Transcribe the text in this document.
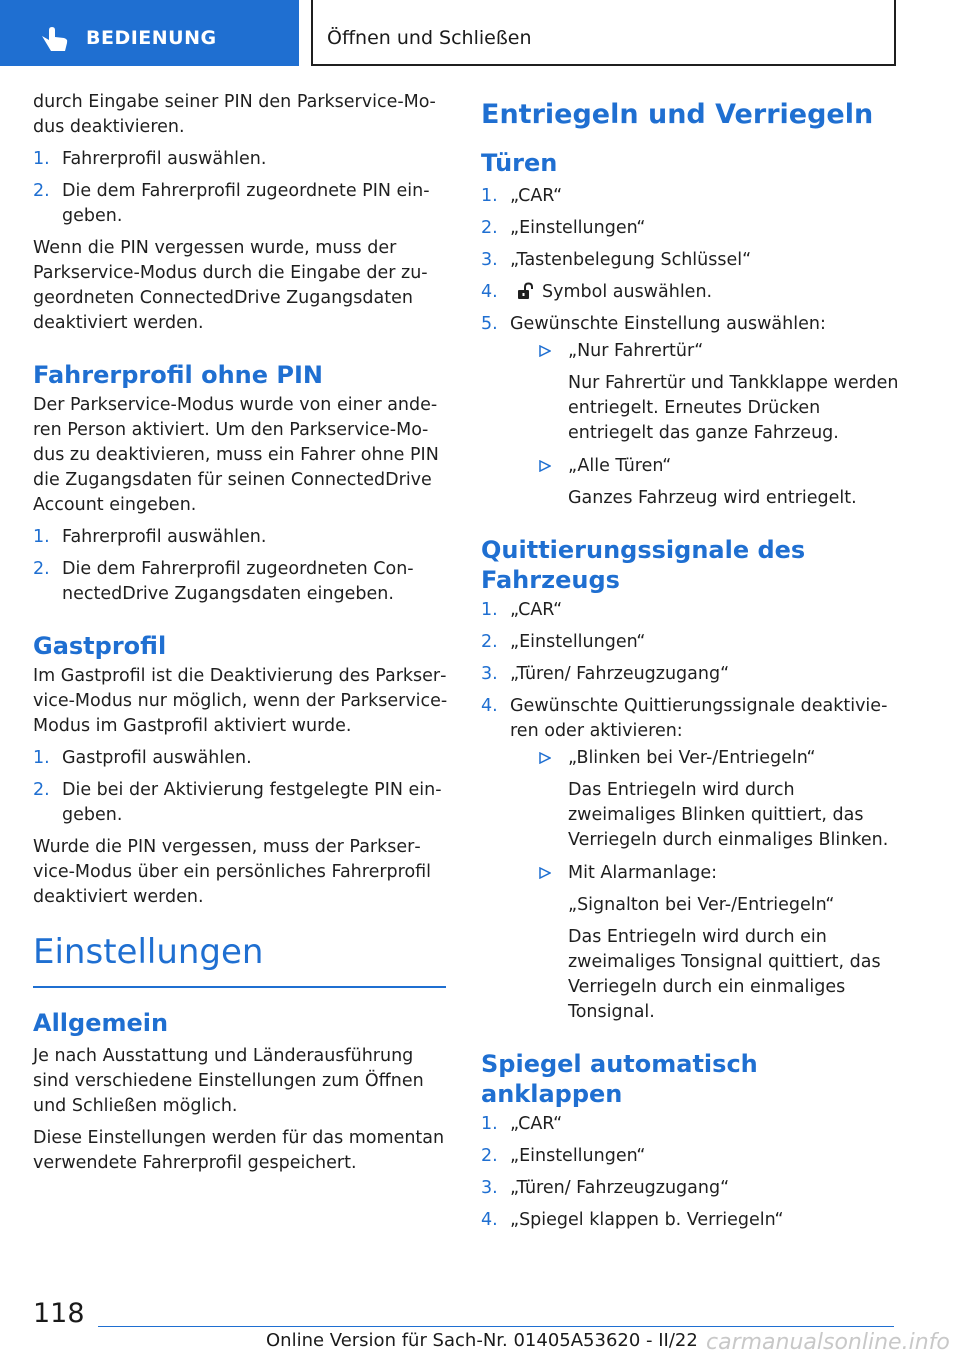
BEDIENUNG	Öffnen und Schließen

durch Eingabe seiner PIN den Parkservice-Modus deaktivieren.

1. Fahrerprofil auswählen.
2. Die dem Fahrerprofil zugeordnete PIN eingeben.

Wenn die PIN vergessen wurde, muss der Parkservice-Modus durch die Eingabe der zugeordneten ConnectedDrive Zugangsdaten deaktiviert werden.

Fahrerprofil ohne PIN

Der Parkservice-Modus wurde von einer anderen Person aktiviert. Um den Parkservice-Modus zu deaktivieren, muss ein Fahrer ohne PIN die Zugangsdaten für seinen ConnectedDrive Account eingeben.

1. Fahrerprofil auswählen.
2. Die dem Fahrerprofil zugeordneten ConnectedDrive Zugangsdaten eingeben.
Gastprofil

Im Gastprofil ist die Deaktivierung des Parkservice-Modus nur möglich, wenn der Parkservice-Modus im Gastprofil aktiviert wurde.

1. Gastprofil auswählen.
2. Die bei der Aktivierung festgelegte PIN eingeben.

Wurde die PIN vergessen, muss der Parkservice-Modus über ein persönliches Fahrerprofil deaktiviert werden.

Einstellungen
Allgemein

Je nach Ausstattung und Länderausführung sind verschiedene Einstellungen zum Öffnen und Schließen möglich.

Diese Einstellungen werden für das momentan verwendete Fahrerprofil gespeichert.

Entriegeln und Verriegeln
Türen
1. „CAR“
2. „Einstellungen“
3. „Tastenbelegung Schlüssel“
4.	Symbol auswählen.
5. Gewünschte Einstellung auswählen:
„Nur Fahrertür“
Nur Fahrertür und Tankklappe werden entriegelt. Erneutes Drücken entriegelt das ganze Fahrzeug.
„Alle Türen“
Ganzes Fahrzeug wird entriegelt.
Quittierungssignale des Fahrzeugs
1. „CAR“
2. „Einstellungen“
3. „Türen/ Fahrzeugzugang“
4. Gewünschte Quittierungssignale deaktivieren oder aktivieren:
„Blinken bei Ver-/Entriegeln“
Das Entriegeln wird durch zweimaliges Blinken quittiert, das Verriegeln durch einmaliges Blinken.
Mit Alarmanlage:
„Signalton bei Ver-/Entriegeln“
Das Entriegeln wird durch ein zweimaliges Tonsignal quittiert, das Verriegeln durch ein einmaliges Tonsignal.
Spiegel automatisch anklappen
1. „CAR“
2. „Einstellungen“
3. „Türen/ Fahrzeugzugang“
4. „Spiegel klappen b. Verriegeln“
118
Online Version für Sach-Nr. 01405A53620 - II/22 carmanualsonline.info
